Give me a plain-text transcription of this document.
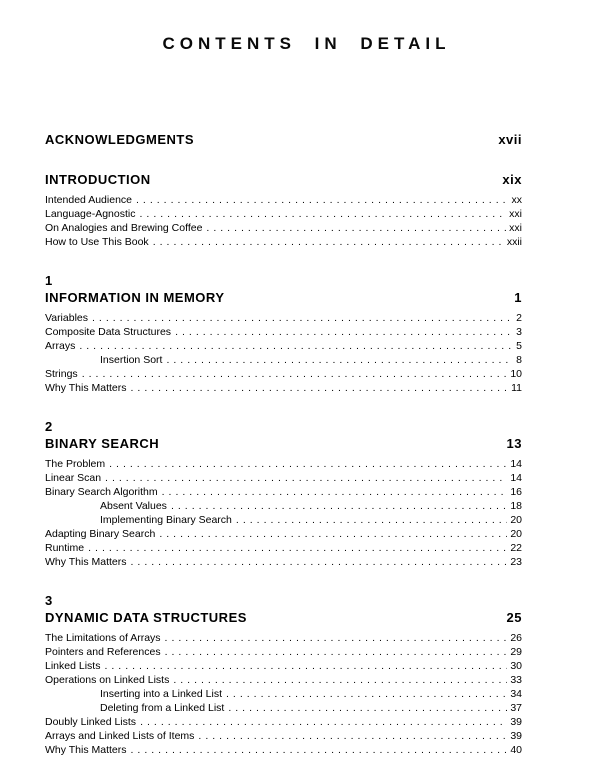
CONTENTS IN DETAIL
ACKNOWLEDGMENTS	xvii
INTRODUCTION	xix
Intended Audience .....	xx
Language-Agnostic .....	xxi
On Analogies and Brewing Coffee .....	xxi
How to Use This Book .....	xxii
1
INFORMATION IN MEMORY	1
Variables .....	2
Composite Data Structures .....	3
Arrays .....	5
Insertion Sort .....	8
Strings .....	10
Why This Matters .....	11
2
BINARY SEARCH	13
The Problem .....	14
Linear Scan .....	14
Binary Search Algorithm .....	16
Absent Values .....	18
Implementing Binary Search .....	20
Adapting Binary Search .....	20
Runtime .....	22
Why This Matters .....	23
3
DYNAMIC DATA STRUCTURES	25
The Limitations of Arrays .....	26
Pointers and References .....	29
Linked Lists .....	30
Operations on Linked Lists .....	33
Inserting into a Linked List .....	34
Deleting from a Linked List .....	37
Doubly Linked Lists .....	39
Arrays and Linked Lists of Items .....	39
Why This Matters .....	40
